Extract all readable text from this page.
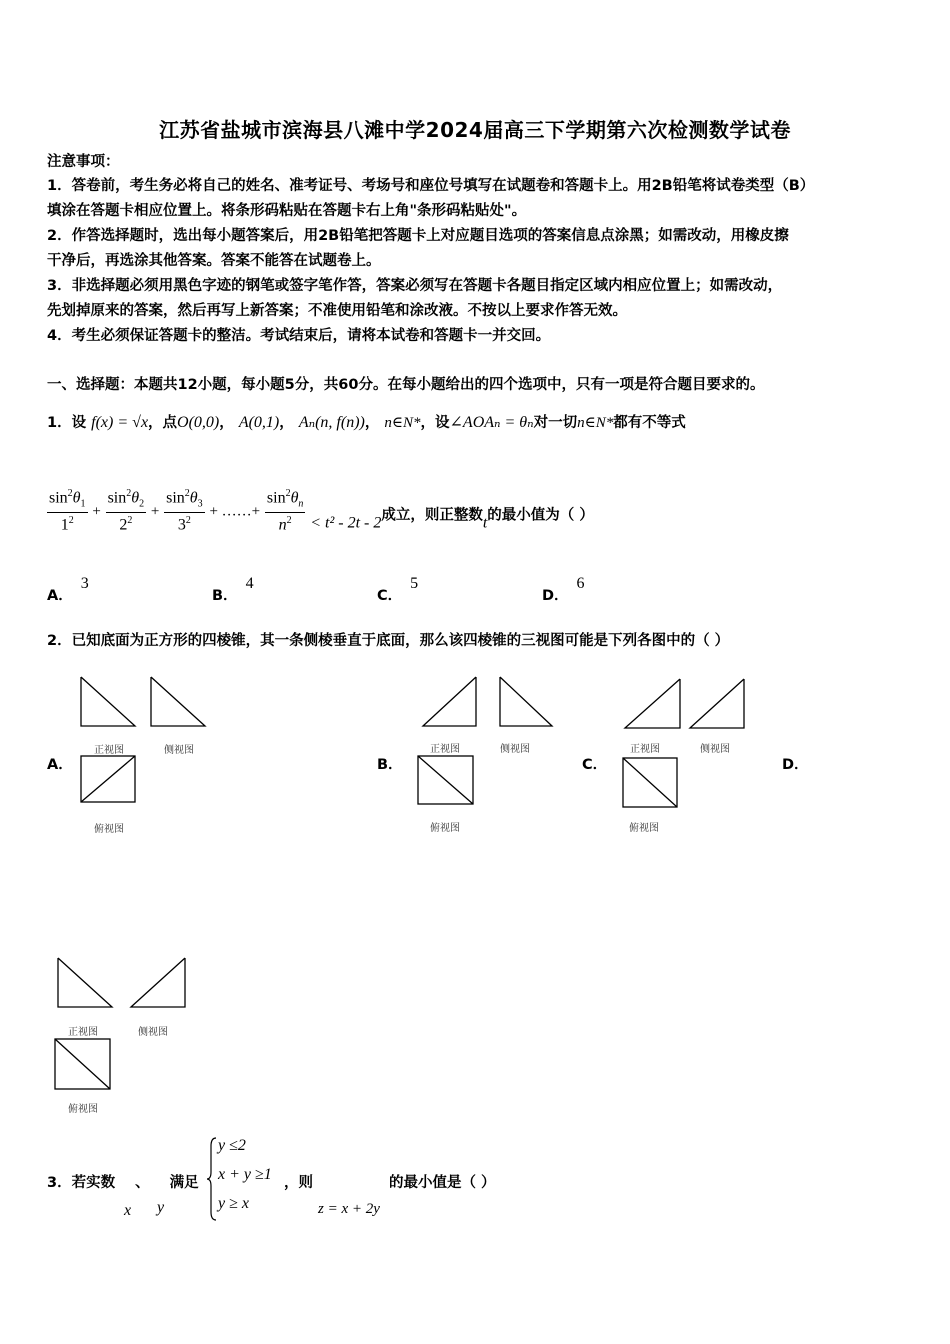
江苏省盐城市滨海县八滩中学2024届高三下学期第六次检测数学试卷
注意事项：
1．答卷前，考生务必将自己的姓名、准考证号、考场号和座位号填写在试题卷和答题卡上。用2B铅笔将试卷类型（B）
填涂在答题卡相应位置上。将条形码粘贴在答题卡右上角"条形码粘贴处"。
2．作答选择题时，选出每小题答案后，用2B铅笔把答题卡上对应题目选项的答案信息点涂黑；如需改动，用橡皮擦
干净后，再选涂其他答案。答案不能答在试题卷上。
3．非选择题必须用黑色字迹的钢笔或签字笔作答，答案必须写在答题卡各题目指定区域内相应位置上；如需改动，
先划掉原来的答案，然后再写上新答案；不准使用铅笔和涂改液。不按以上要求作答无效。
4．考生必须保证答题卡的整洁。考试结束后，请将本试卷和答题卡一并交回。
一、选择题：本题共12小题，每小题5分，共60分。在每小题给出的四个选项中，只有一项是符合题目要求的。
1．设 f(x) = √x，点O(0,0)， A(0,1)， Aₙ(n, f(n))， n∈N*，设∠AOAₙ = θₙ对一切n∈N*都有不等式
$\frac{\sin^2\theta_1}{1^2} + \frac{\sin^2\theta_2}{2^2} + \frac{\sin^2\theta_3}{3^2}$ + ……+ $\frac{\sin^2\theta_n}{n^2} < t^2 - 2t - 2$成立，则正整数t的最小值为（ ）
A．3
B．4
C．5
D．6
2．已知底面为正方形的四棱锥，其一条侧棱垂直于底面，那么该四棱锥的三视图可能是下列各图中的（ ）
A．
正视图	侧视图
俯视图
B．
正视图	侧视图
俯视图
C．
正视图	侧视图
俯视图
D．
正视图	侧视图
俯视图
3．若实数 、 满足
x y
y ≤2
x + y ≥1
y ≥ x
，则
z = x + 2y
的最小值是（ ）
